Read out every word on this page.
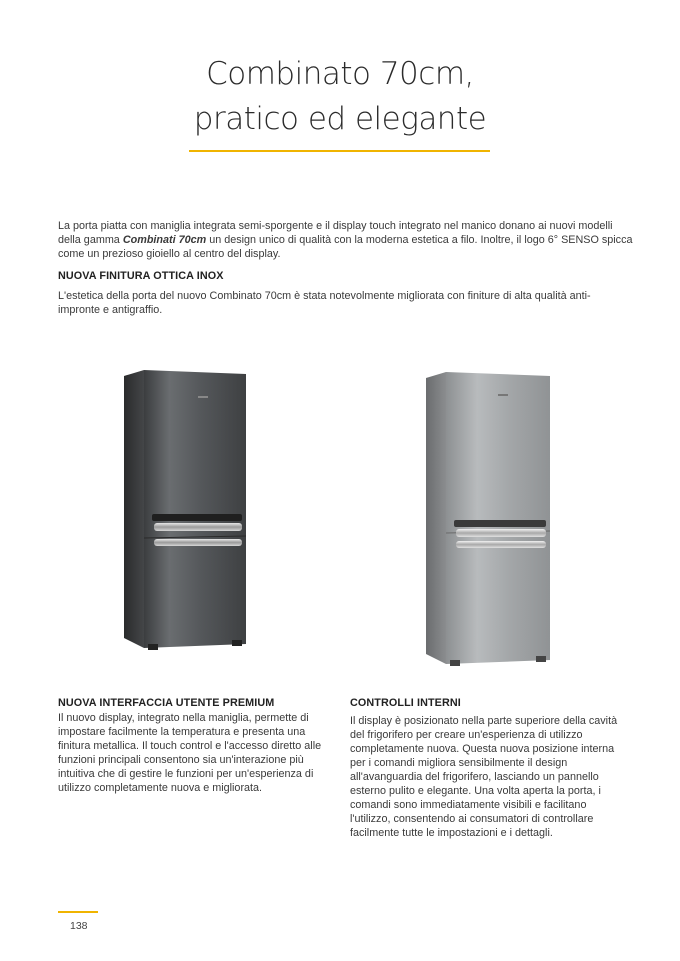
Combinato 70cm,
pratico ed elegante
La porta piatta con maniglia integrata semi-sporgente e il display touch integrato nel manico donano ai nuovi modelli della gamma Combinati 70cm un design unico di qualità con la moderna estetica a filo. Inoltre, il logo 6° SENSO spicca come un prezioso gioiello al centro del display.
NUOVA FINITURA OTTICA INOX
L'estetica della porta del nuovo Combinato 70cm è stata notevolmente migliorata con finiture di alta qualità anti-impronte e antigraffio.
NUOVA INTERFACCIA UTENTE PREMIUM
Il nuovo display, integrato nella maniglia, permette di impostare facilmente la temperatura e presenta una finitura metallica. Il touch control e l'accesso diretto alle funzioni principali consentono sia un'interazione più intuitiva che di gestire le funzioni per un'esperienza di utilizzo completamente nuova e migliorata.
CONTROLLI INTERNI
Il display è posizionato nella parte superiore della cavità del frigorifero per creare un'esperienza di utilizzo completamente nuova. Questa nuova posizione interna per i comandi migliora sensibilmente il design all'avanguardia del frigorifero, lasciando un pannello esterno pulito e elegante. Una volta aperta la porta, i comandi sono immediatamente visibili e facilitano l'utilizzo, consentendo ai consumatori di controllare facilmente tutte le impostazioni e i dettagli.
138
